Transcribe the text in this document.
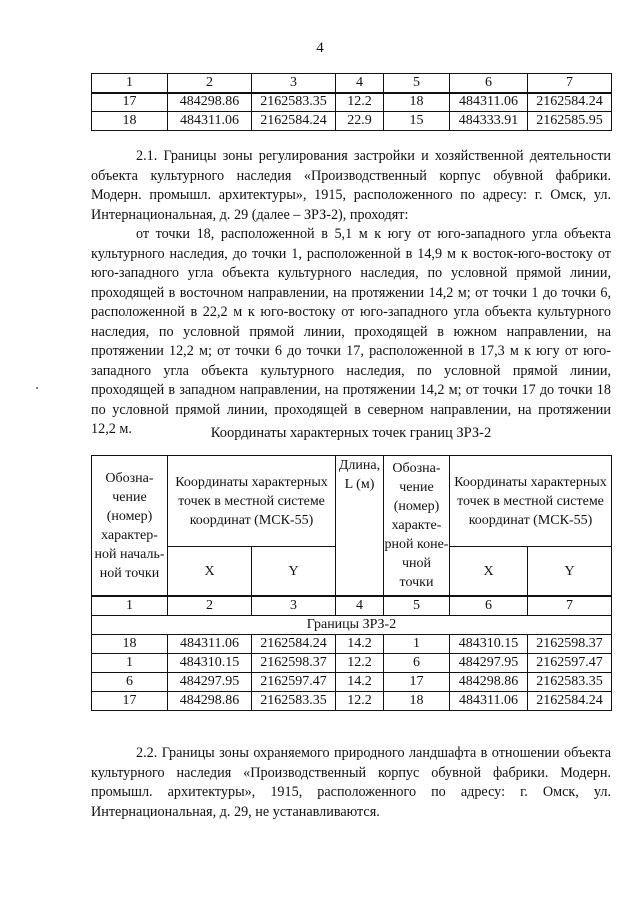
4
1	2	3	4	5	6	7
17	484298.86	2162583.35	12.2	18	484311.06	2162584.24
18	484311.06	2162584.24	22.9	15	484333.91	2162585.95
2.1. Границы зоны регулирования застройки и хозяйственной деятельности объекта культурного наследия «Производственный корпус обувной фабрики. Модерн. промышл. архитектуры», 1915, расположенного по адресу: г. Омск, ул. Интернациональная, д. 29 (далее – ЗРЗ-2), проходят:
от точки 18, расположенной в 5,1 м к югу от юго-западного угла объекта культурного наследия, до точки 1, расположенной в 14,9 м к восток-юго-востоку от юго-западного угла объекта культурного наследия, по условной прямой линии, проходящей в восточном направлении, на протяжении 14,2 м; от точки 1 до точки 6, расположенной в 22,2 м к юго-востоку от юго-западного угла объекта культурного наследия, по условной прямой линии, проходящей в южном направлении, на протяжении 12,2 м; от точки 6 до точки 17, расположенной в 17,3 м к югу от юго-западного угла объекта культурного наследия, по условной прямой линии, проходящей в западном направлении, на протяжении 14,2 м; от точки 17 до точки 18 по условной прямой линии, проходящей в северном направлении, на протяжении 12,2 м.	Координаты характерных точек границ ЗРЗ-2
Обозна-чение (номер) характер-ной началь-ной точки	Координаты характерных точек в местной системе координат (МСК-55)		Длина, L (м)	Обозна-чение (номер) характе-рной коне-чной точки	Координаты характерных точек в местной системе координат (МСК-55)	
	X	Y			X	Y
1	2	3	4	5	6	7
Границы ЗРЗ-2						
18	484311.06	2162584.24	14.2	1	484310.15	2162598.37
1	484310.15	2162598.37	12.2	6	484297.95	2162597.47
6	484297.95	2162597.47	14.2	17	484298.86	2162583.35
17	484298.86	2162583.35	12.2	18	484311.06	2162584.24
2.2. Границы зоны охраняемого природного ландшафта в отношении объекта культурного наследия «Производственный корпус обувной фабрики. Модерн. промышл. архитектуры», 1915, расположенного по адресу: г. Омск, ул. Интернациональная, д. 29, не устанавливаются.
